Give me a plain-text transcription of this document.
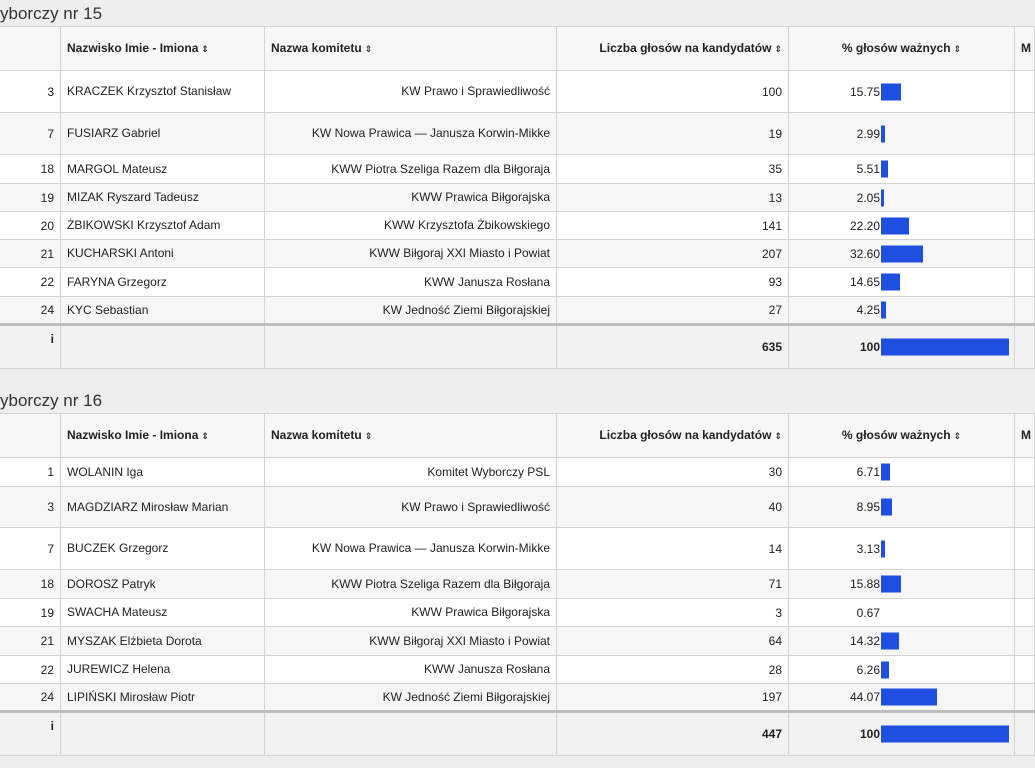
yborczy nr 15
	Nazwisko Imie - Imiona ⇕	Nazwa komitetu ⇕	Liczba głosów na kandydatów ⇕	% głosów ważnych ⇕	M
3	KRACZEK Krzysztof Stanisław	KW Prawo i Sprawiedliwość	100	15.75	

7	FUSIARZ Gabriel	KW Nowa Prawica — Janusza Korwin-Mikke	19	2.99	

18	MARGOL Mateusz	KWW Piotra Szeliga Razem dla Biłgoraja	35	5.51	

19	MIZAK Ryszard Tadeusz	KWW Prawica Biłgorajska	13	2.05	

20	ŻBIKOWSKI Krzysztof Adam	KWW Krzysztofa Żbikowskiego	141	22.20	

21	KUCHARSKI Antoni	KWW Biłgoraj XXI Miasto i Powiat	207	32.60	

22	FARYNA Grzegorz	KWW Janusza Rosłana	93	14.65	

24	KYC Sebastian	KW Jedność Ziemi Biłgorajskiej	27	4.25	

i			635	100	

yborczy nr 16
	Nazwisko Imie - Imiona ⇕	Nazwa komitetu ⇕	Liczba głosów na kandydatów ⇕	% głosów ważnych ⇕	M
1	WOLANIN Iga	Komitet Wyborczy PSL	30	6.71	

3	MAGDZIARZ Mirosław Marian	KW Prawo i Sprawiedliwość	40	8.95	

7	BUCZEK Grzegorz	KW Nowa Prawica — Janusza Korwin-Mikke	14	3.13	

18	DOROSZ Patryk	KWW Piotra Szeliga Razem dla Biłgoraja	71	15.88	

19	SWACHA Mateusz	KWW Prawica Biłgorajska	3	0.67	

21	MYSZAK Elżbieta Dorota	KWW Biłgoraj XXI Miasto i Powiat	64	14.32	

22	JUREWICZ Helena	KWW Janusza Rosłana	28	6.26	

24	LIPIŃSKI Mirosław Piotr	KW Jedność Ziemi Biłgorajskiej	197	44.07	

i			447	100	
